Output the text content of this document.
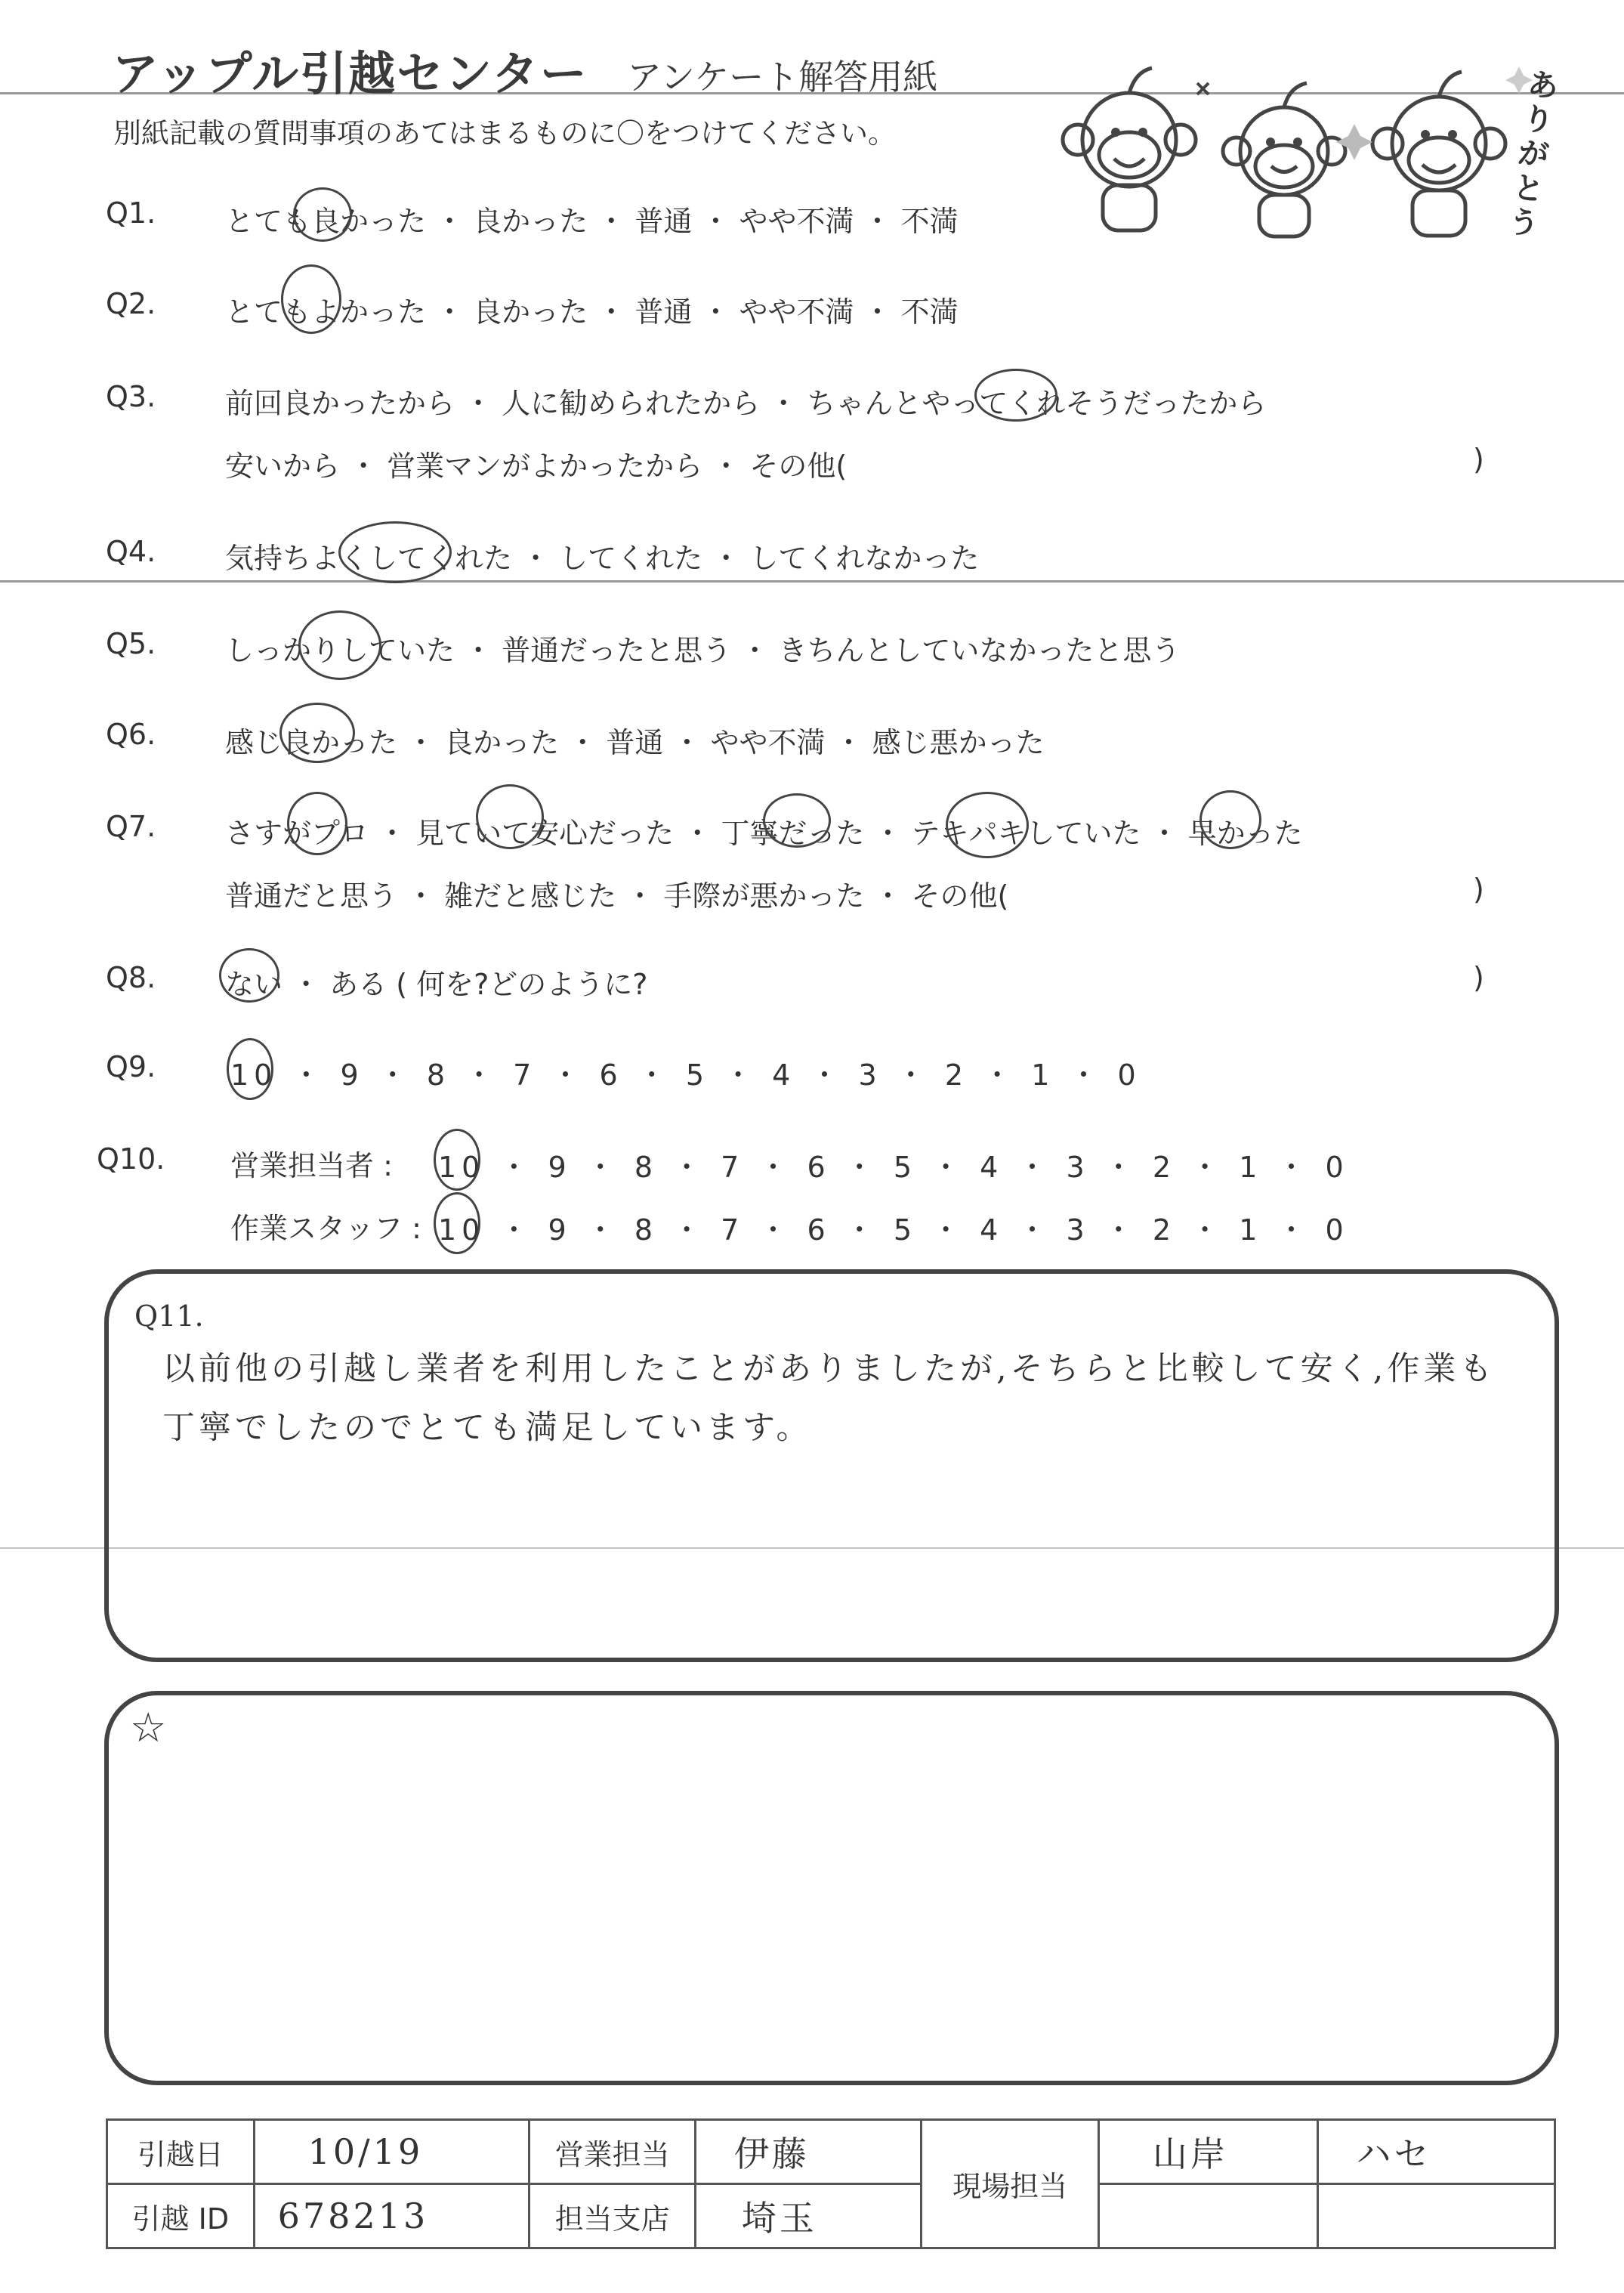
アップル引越センター アンケート解答用紙
別紙記載の質問事項のあてはまるものに〇をつけてください。
ありがとう
Q1. とても良かった ・ 良かった ・ 普通 ・ やや不満 ・ 不満
Q2. とてもよかった ・ 良かった ・ 普通 ・ やや不満 ・ 不満
Q3. 前回良かったから ・ 人に勧められたから ・ ちゃんとやってくれそうだったから
安いから ・ 営業マンがよかったから ・ その他(	)
Q4. 気持ちよくしてくれた ・ してくれた ・ してくれなかった
Q5. しっかりしていた ・ 普通だったと思う ・ きちんとしていなかったと思う
Q6. 感じ良かった ・ 良かった ・ 普通 ・ やや不満 ・ 感じ悪かった
Q7. さすがプロ ・ 見ていて安心だった ・ 丁寧だった ・ テキパキしていた ・ 早かった
普通だと思う ・ 雑だと感じた ・ 手際が悪かった ・ その他(	)
Q8. ない ・ ある ( 何を?どのように?	)
Q9.	10 ・ 9 ・ 8 ・ 7 ・ 6 ・ 5 ・ 4 ・ 3 ・ 2 ・ 1 ・ 0
Q10. 営業担当者 : 10 ・ 9 ・ 8 ・ 7 ・ 6 ・ 5 ・ 4 ・ 3 ・ 2 ・ 1 ・ 0
作業スタッフ : 10 ・ 9 ・ 8 ・ 7 ・ 6 ・ 5 ・ 4 ・ 3 ・ 2 ・ 1 ・ 0
Q11.
以前他の引越し業者を利用したことがありましたが,そちらと比較して安く,作業も
丁寧でしたのでとても満足しています。
☆
引越日	10/19	営業担当	伊藤	現場担当	山岸	ハセ
引越 ID	678213	担当支店	埼玉			
